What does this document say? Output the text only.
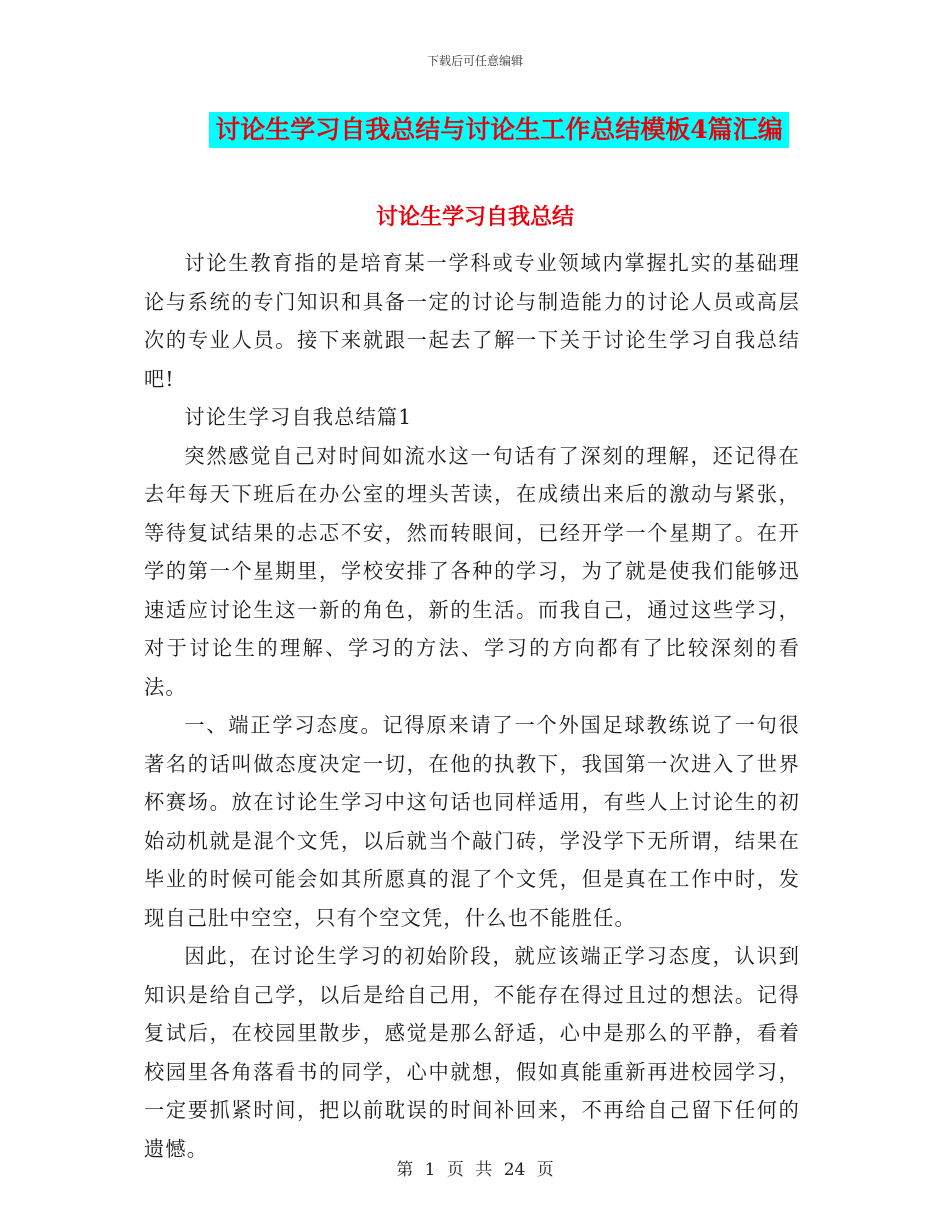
下载后可任意编辑
讨论生学习自我总结与讨论生工作总结模板4篇汇编
讨论生学习自我总结

讨论生教育指的是培育某一学科或专业领域内掌握扎实的基础理论与系统的专门知识和具备一定的讨论与制造能力的讨论人员或高层次的专业人员。接下来就跟一起去了解一下关于讨论生学习自我总结吧!

讨论生学习自我总结篇1

突然感觉自己对时间如流水这一句话有了深刻的理解，还记得在去年每天下班后在办公室的埋头苦读，在成绩出来后的激动与紧张，等待复试结果的忐忑不安，然而转眼间，已经开学一个星期了。在开学的第一个星期里，学校安排了各种的学习，为了就是使我们能够迅速适应讨论生这一新的角色，新的生活。而我自己，通过这些学习，对于讨论生的理解、学习的方法、学习的方向都有了比较深刻的看法。

一、端正学习态度。记得原来请了一个外国足球教练说了一句很著名的话叫做态度决定一切，在他的执教下，我国第一次进入了世界杯赛场。放在讨论生学习中这句话也同样适用，有些人上讨论生的初始动机就是混个文凭，以后就当个敲门砖，学没学下无所谓，结果在毕业的时候可能会如其所愿真的混了个文凭，但是真在工作中时，发现自己肚中空空，只有个空文凭，什么也不能胜任。

因此，在讨论生学习的初始阶段，就应该端正学习态度，认识到知识是给自己学，以后是给自己用，不能存在得过且过的想法。记得复试后，在校园里散步，感觉是那么舒适，心中是那么的平静，看着校园里各角落看书的同学，心中就想，假如真能重新再进校园学习，一定要抓紧时间，把以前耽误的时间补回来，不再给自己留下任何的遗憾。

第 1 页 共 24 页
